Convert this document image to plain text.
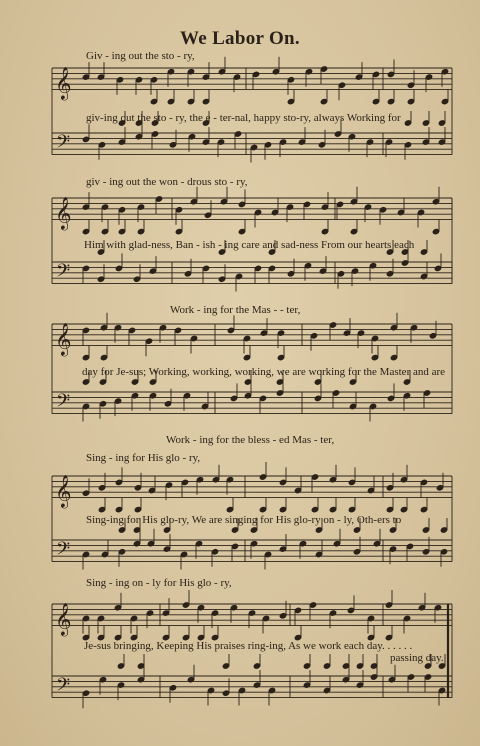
We Labor On.
𝄞
𝄢
𝄞
𝄢
𝄞
𝄢
𝄞
𝄢
𝄞
𝄢
Giv - ing out the sto - ry,
giv-ing out the sto - ry, the e - ter-nal, happy sto-ry, always Working for
giv - ing out the won - drous sto - ry,
Him with glad-ness, Ban - ish - ing care and sad-ness From our hearts each
Work - ing for the Mas - - ter,
day for Je-sus; Working, working, working, we are working for the Master and are
Work - ing for the bless - ed Mas - ter,
Sing - ing for His glo - ry,
Sing-ing for His glo-ry, We are singing for His glo-ry on - ly, Oth-ers to
Sing - ing on - ly for His glo - ry,
Je-sus bringing, Keeping His praises ring-ing, As we work each day. . . . . .
passing day.
